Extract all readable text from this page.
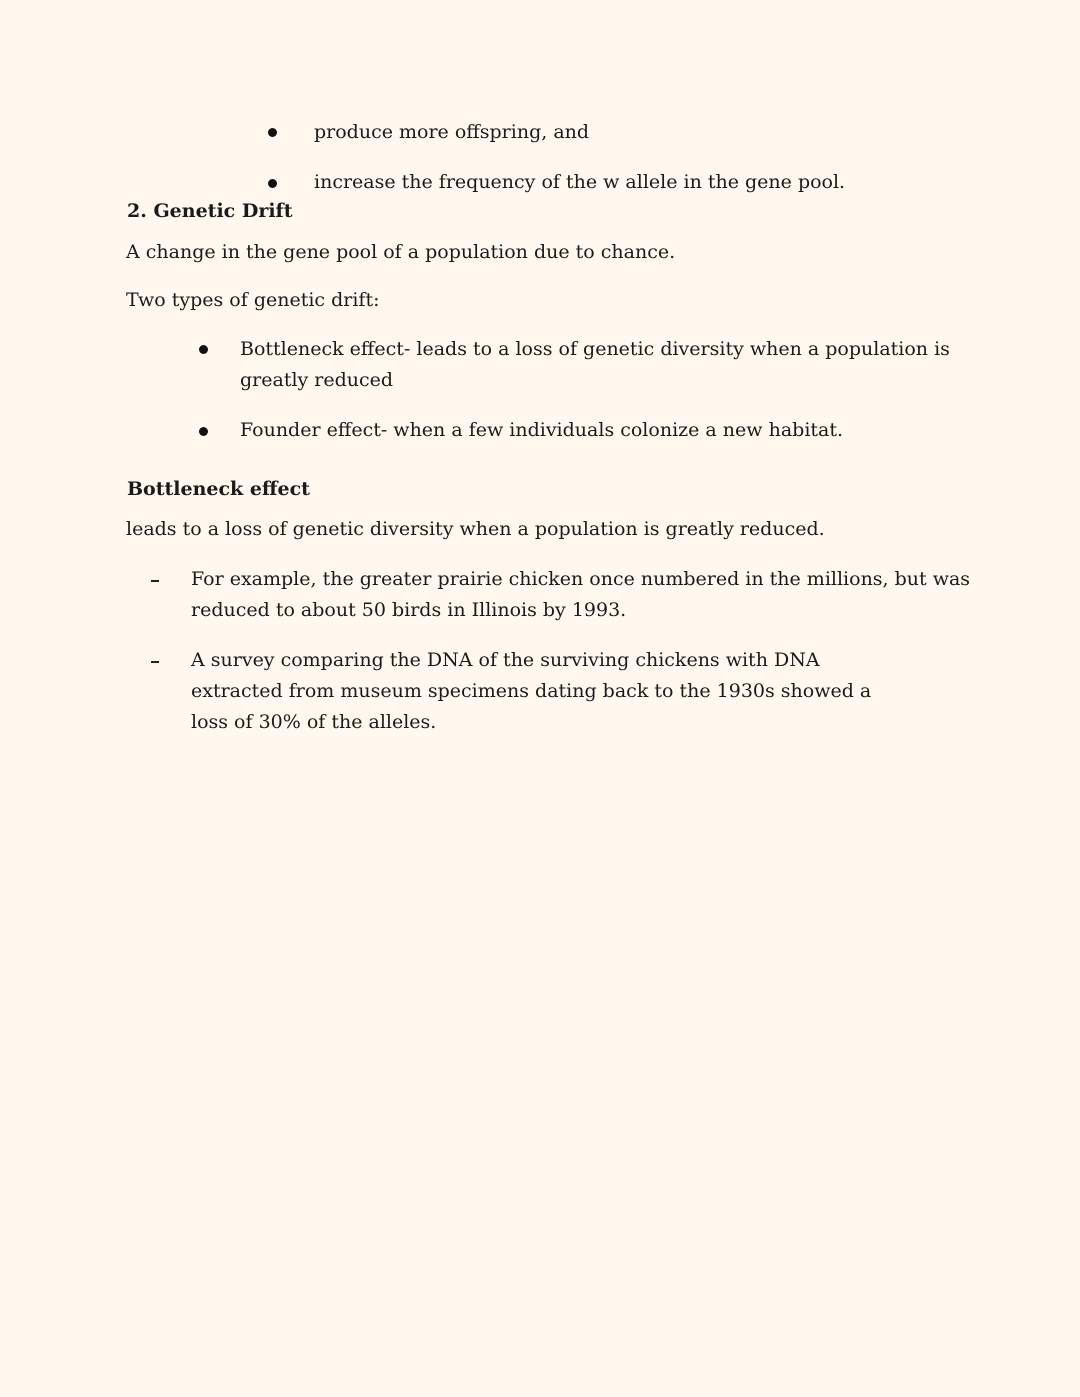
produce more offspring, and
increase the frequency of the w allele in the gene pool.
2. Genetic Drift
A change in the gene pool of a population due to chance.
Two types of genetic drift:
Bottleneck effect- leads to a loss of genetic diversity when a population is greatly reduced
Founder effect- when a few individuals colonize a new habitat.
Bottleneck effect
leads to a loss of genetic diversity when a population is greatly reduced.
For example, the greater prairie chicken once numbered in the millions, but was reduced to about 50 birds in Illinois by 1993.
A survey comparing the DNA of the surviving chickens with DNA extracted from museum specimens dating back to the 1930s showed a loss of 30% of the alleles.
